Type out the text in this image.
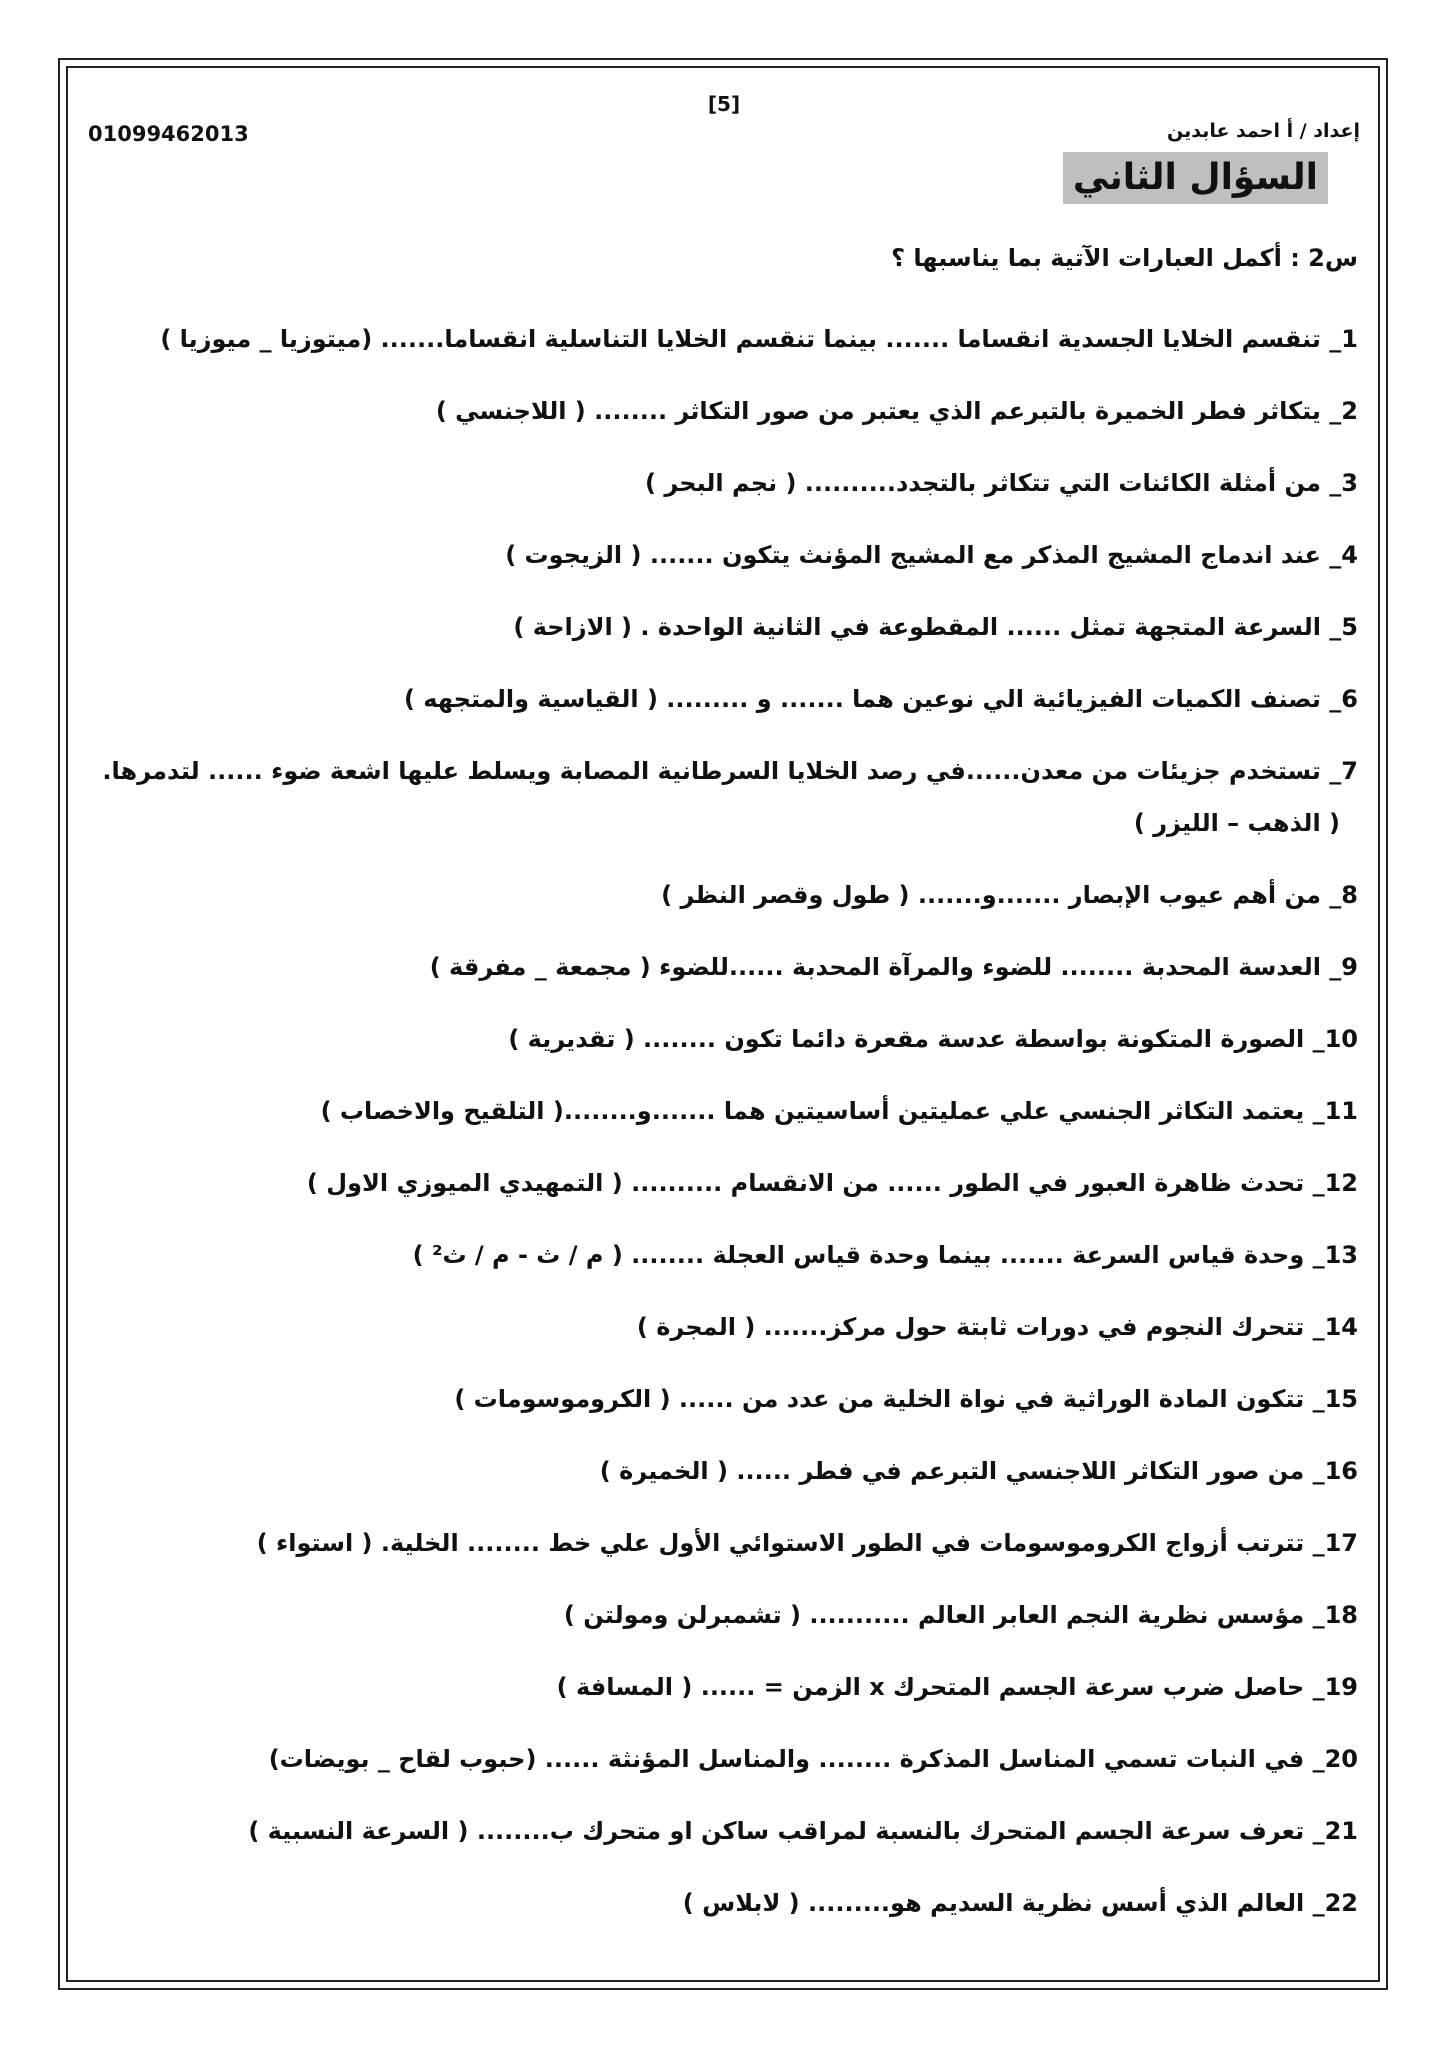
[5]
01099462013	إعداد / أ احمد عابدين
السؤال الثاني
س2 : أكمل العبارات الآتية بما يناسبها ؟
1_ تنقسم الخلايا الجسدية انقساما ....... بينما تنقسم الخلايا التناسلية انقساما....... (ميتوزيا _ ميوزيا )
2_ يتكاثر فطر الخميرة بالتبرعم الذي يعتبر من صور التكاثر ........ ( اللاجنسي )
3_ من أمثلة الكائنات التي تتكاثر بالتجدد.......... ( نجم البحر )
4_ عند اندماج المشيج المذكر مع المشيج المؤنث يتكون ....... ( الزيجوت )
5_ السرعة المتجهة تمثل ...... المقطوعة في الثانية الواحدة . ( الازاحة )
6_ تصنف الكميات الفيزيائية الي نوعين هما ....... و ......... ( القياسية والمتجهه )
7_ تستخدم جزيئات من معدن......في رصد الخلايا السرطانية المصابة ويسلط عليها اشعة ضوء ...... لتدمرها.
( الذهب – الليزر )
8_ من أهم عيوب الإبصار .......و....... ( طول وقصر النظر )
9_ العدسة المحدبة ........ للضوء والمرآة المحدبة ......للضوء ( مجمعة _ مفرقة )
10_ الصورة المتكونة بواسطة عدسة مقعرة دائما تكون ........ ( تقديرية )
11_ يعتمد التكاثر الجنسي علي عمليتين أساسيتين هما .......و........( التلقيح والاخصاب )
12_ تحدث ظاهرة العبور في الطور ...... من الانقسام .......... ( التمهيدي الميوزي الاول )
13_ وحدة قياس السرعة ....... بينما وحدة قياس العجلة ........ ( م / ث - م / ث² )
14_ تتحرك النجوم في دورات ثابتة حول مركز....... ( المجرة )
15_ تتكون المادة الوراثية في نواة الخلية من عدد من ...... ( الكروموسومات )
16_ من صور التكاثر اللاجنسي التبرعم في فطر ...... ( الخميرة )
17_ تترتب أزواج الكروموسومات في الطور الاستوائي الأول علي خط ........ الخلية. ( استواء )
18_ مؤسس نظرية النجم العابر العالم ........... ( تشمبرلن ومولتن )
19_ حاصل ضرب سرعة الجسم المتحرك x الزمن = ...... ( المسافة )
20_ في النبات تسمي المناسل المذكرة ........ والمناسل المؤنثة ...... (حبوب لقاح _ بويضات)
21_ تعرف سرعة الجسم المتحرك بالنسبة لمراقب ساكن او متحرك ب........ ( السرعة النسبية )
22_ العالم الذي أسس نظرية السديم هو......... ( لابلاس )
